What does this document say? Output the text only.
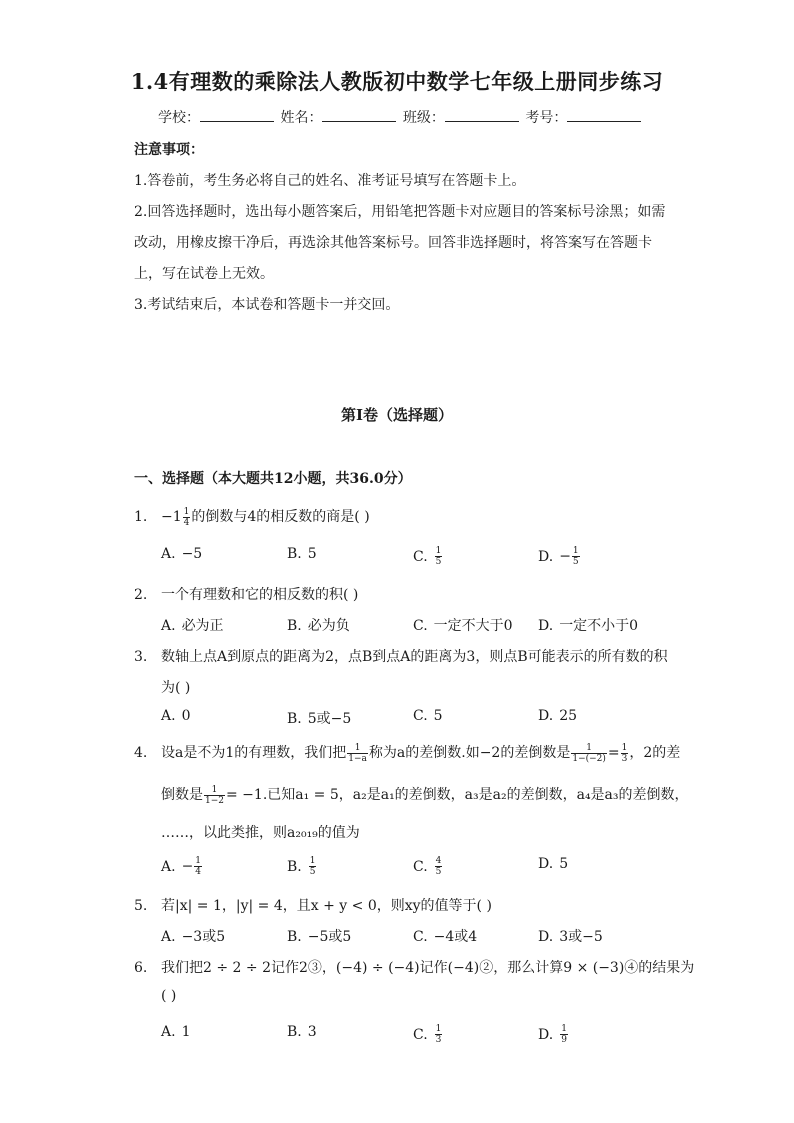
1.4有理数的乘除法人教版初中数学七年级上册同步练习
学校：	姓名：	班级：	考号：
注意事项：
1.答卷前，考生务必将自己的姓名、准考证号填写在答题卡上。
2.回答选择题时，选出每小题答案后，用铅笔把答题卡对应题目的答案标号涂黑；如需改动，用橡皮擦干净后，再选涂其他答案标号。回答非选择题时，将答案写在答题卡上，写在试卷上无效。
3.考试结束后，本试卷和答题卡一并交回。
第I卷（选择题）
一、选择题（本大题共12小题，共36.0分）
1. $-1 \frac{1}{4}$ 的倒数与4的相反数的商是( )
A. −5	B. 5	C. $\frac{1}{5}$	D. − $\frac{1}{5}$
2. 一个有理数和它的相反数的积( )
A. 必为正	B. 必为负	C. 一定不大于0 D. 一定不小于0
3. 数轴上点A到原点的距离为2，点B到点A的距离为3，则点B可能表示的所有数的积
为( )
A. 0	B. 5或−5	C. 5	D. 25
4. 设a是不为1的有理数，我们把 $\frac{1}{1-a}$ 称为a的差倒数.如−2的差倒数是 $\frac{1}{1-(-2)} = \frac{1}{3}$ ，2的差
倒数是 $\frac{1}{1-2} = -1$.已知a₁ = 5，a₂是a₁的差倒数，a₃是a₂的差倒数，a₄是a₃的差倒数，
……，以此类推，则a₂₀₁₉的值为
A. − $\frac{1}{4}$	B. $\frac{1}{5}$	C. $\frac{4}{5}$	D. 5
5. 若|x| = 1，|y| = 4，且x + y < 0，则xy的值等于( )
A. −3或5	B. −5或5	C. −4或4	D. 3或−5
6. 我们把2 ÷ 2 ÷ 2记作2③，(−4) ÷ (−4)记作(−4)②，那么计算9 × (−3)④的结果为
( )
A. 1	B. 3	C. $\frac{1}{3}$	D. $\frac{1}{9}$
